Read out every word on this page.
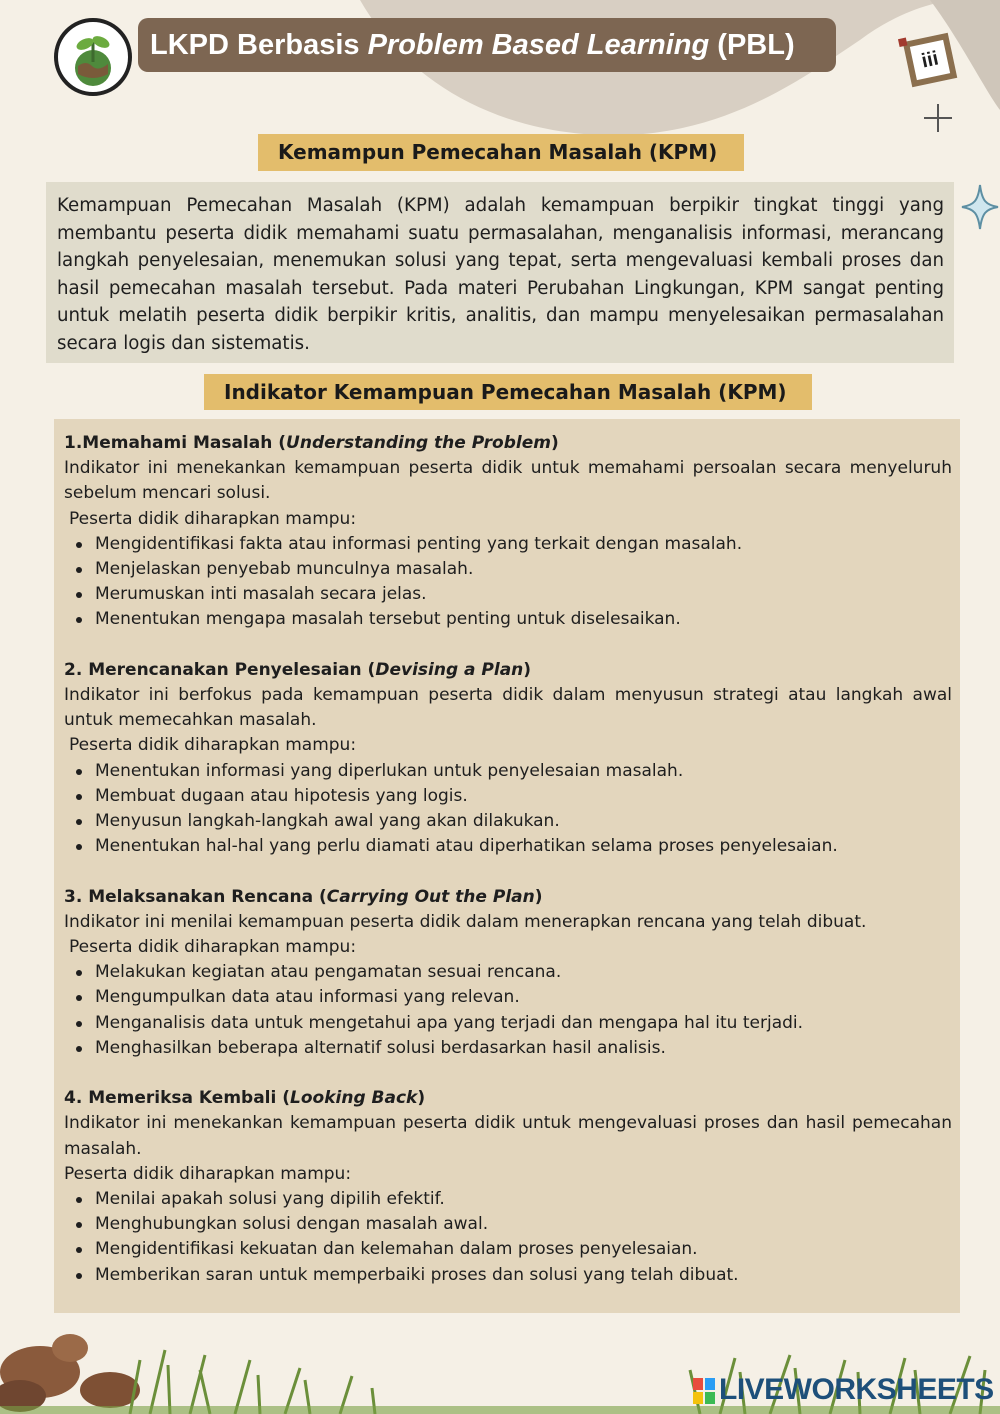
LKPD Berbasis Problem Based Learning (PBL)	iii
Kemampun Pemecahan Masalah (KPM)
Kemampuan Pemecahan Masalah (KPM) adalah kemampuan berpikir tingkat tinggi yang membantu peserta didik memahami suatu permasalahan, menganalisis informasi, merancang langkah penyelesaian, menemukan solusi yang tepat, serta mengevaluasi kembali proses dan hasil pemecahan masalah tersebut. Pada materi Perubahan Lingkungan, KPM sangat penting untuk melatih peserta didik berpikir kritis, analitis, dan mampu menyelesaikan permasalahan secara logis dan sistematis.
Indikator Kemampuan Pemecahan Masalah (KPM)
1.Memahami Masalah (Understanding the Problem)
Indikator ini menekankan kemampuan peserta didik untuk memahami persoalan secara menyeluruh sebelum mencari solusi.
Peserta didik diharapkan mampu:
Mengidentifikasi fakta atau informasi penting yang terkait dengan masalah.
Menjelaskan penyebab munculnya masalah.
Merumuskan inti masalah secara jelas.
Menentukan mengapa masalah tersebut penting untuk diselesaikan.
2. Merencanakan Penyelesaian (Devising a Plan)
Indikator ini berfokus pada kemampuan peserta didik dalam menyusun strategi atau langkah awal untuk memecahkan masalah.
Peserta didik diharapkan mampu:
Menentukan informasi yang diperlukan untuk penyelesaian masalah.
Membuat dugaan atau hipotesis yang logis.
Menyusun langkah-langkah awal yang akan dilakukan.
Menentukan hal-hal yang perlu diamati atau diperhatikan selama proses penyelesaian.
3. Melaksanakan Rencana (Carrying Out the Plan)
Indikator ini menilai kemampuan peserta didik dalam menerapkan rencana yang telah dibuat.
Peserta didik diharapkan mampu:
Melakukan kegiatan atau pengamatan sesuai rencana.
Mengumpulkan data atau informasi yang relevan.
Menganalisis data untuk mengetahui apa yang terjadi dan mengapa hal itu terjadi.
Menghasilkan beberapa alternatif solusi berdasarkan hasil analisis.
4. Memeriksa Kembali (Looking Back)
Indikator ini menekankan kemampuan peserta didik untuk mengevaluasi proses dan hasil pemecahan masalah.
Peserta didik diharapkan mampu:
Menilai apakah solusi yang dipilih efektif.
Menghubungkan solusi dengan masalah awal.
Mengidentifikasi kekuatan dan kelemahan dalam proses penyelesaian.
Memberikan saran untuk memperbaiki proses dan solusi yang telah dibuat.
LIVEWORKSHEETS
